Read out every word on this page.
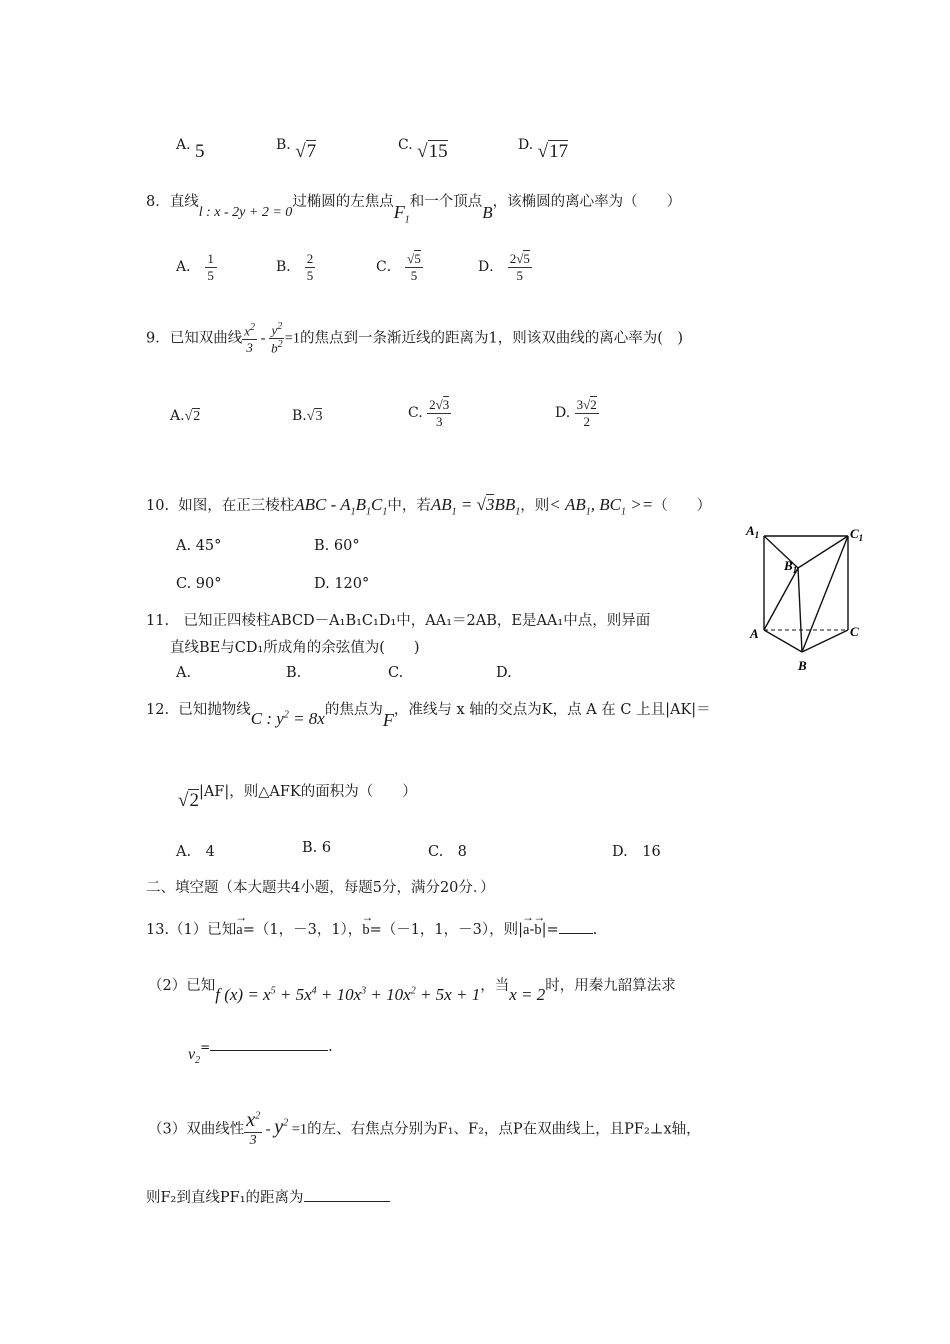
A. 5	B. √7	C. √15	D. √17
8．直线l : x - 2y + 2 = 0过椭圆的左焦点$F_1$和一个顶点B，该椭圆的离心率为（　　）
A． $\frac{1}{5}$	B． $\frac{2}{5}$	C． $\frac{√5}{5}$	D． $\frac{2√5}{5}$
9．已知双曲线 $\frac{x^2}{3} - \frac{y^2}{b^2} =1$的焦点到一条渐近线的距离为1，则该双曲线的离心率为(　)
A.√2	B.√3	C. $\frac{2√3}{3}$	D. $\frac{3√2}{2}$
10. 如图，在正三棱柱ABC - $A_1B_1C_1$中，若$AB_1 = √3BB_1$，则< $AB_1$, $BC_1$ >=（　　）
A. 45°	B. 60°
C. 90°	D. 120°
$A_1$	$C_1$
$B_1$
A	C
B
11.　已知正四棱柱ABCD－A₁B₁C₁D₁中，AA₁＝2AB，E是AA₁中点，则异面
直线BE与CD₁所成角的余弦值为(　　)
A.	B.	C.	D.
12. 已知抛物线C : $y^2 = 8x$的焦点为F，准线与 x 轴的交点为K，点 A 在 C 上且|AK|＝
√2|AF|，则△AFK的面积为（　　）
A.　4	B. 6	C.　8	D.　16
二、填空题（本大题共4小题，每题5分，满分20分．）
13.（1）已知→ a=（1，－3，1），→ b=（－1，1，－3），则|→ a-→ b|= .
（2）已知f $(x) = x^5 + 5x^4 + 10x^3 + 10x^2 + 5x + 1$，当x = 2时，用秦九韶算法求
$v_2=$	.
（3）双曲线性 $\frac{x^2}{3} - y^2 =1$的左、右焦点分别为F₁、F₂，点P在双曲线上，且PF₂⊥x轴，
则F₂到直线PF₁的距离为
